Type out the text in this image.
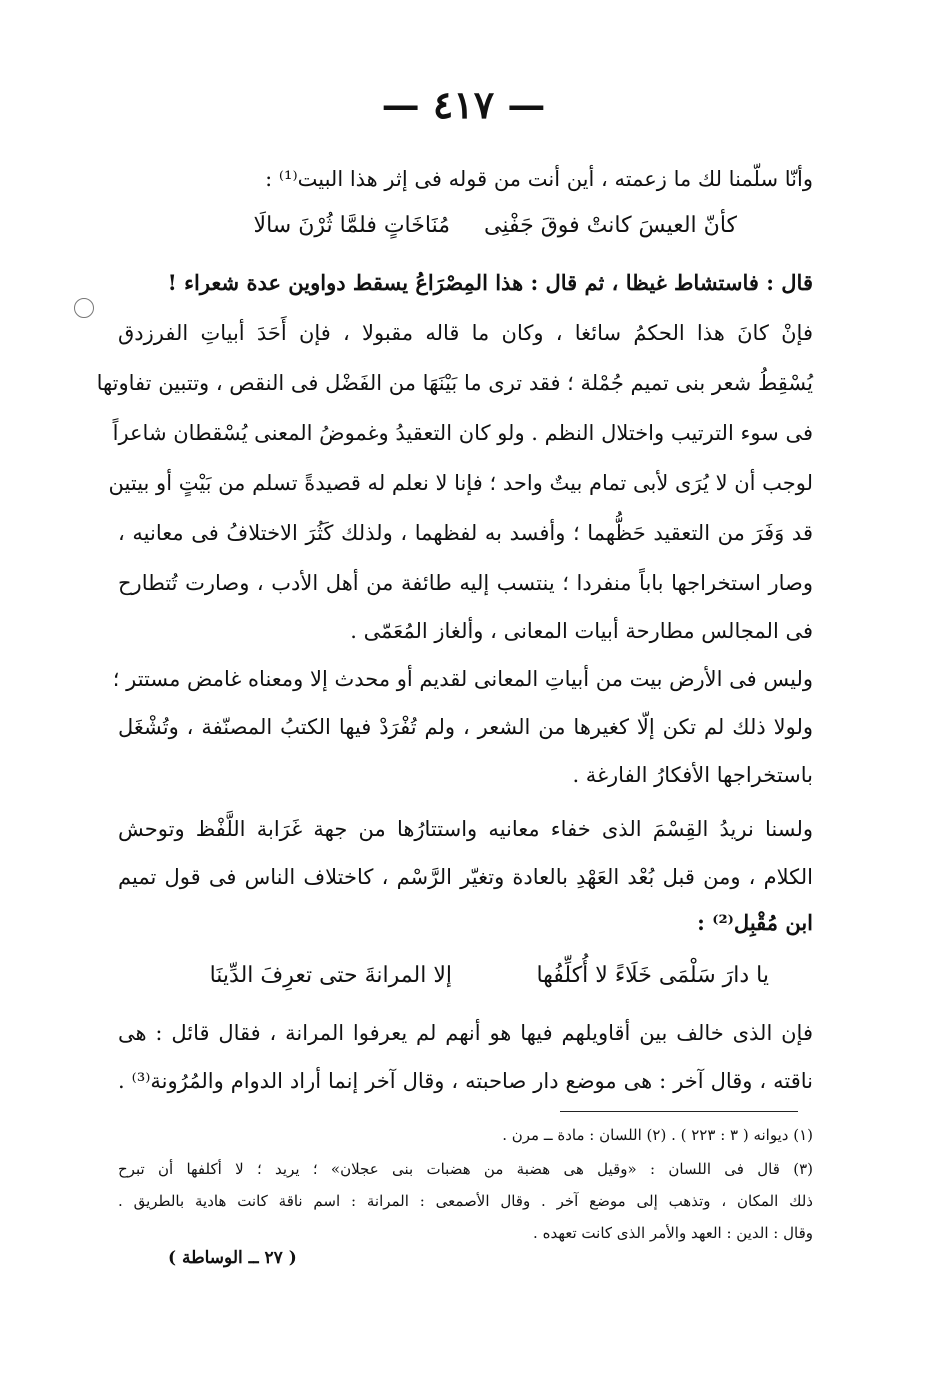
— ٤١٧ —
وأنّا سلّمنا لك ما زعمته ، أين أنت من قوله فى إثر هذا البيت⁽¹⁾ :
كأنّ العيسَ كانتْ فوقَ جَفْنِى
مُنَاخَاتٍ فلمَّا ثُرْنَ سالَا
قال : فاستشاط غيظا ، ثم قال : هذا المِصْرَاعُ يسقط دواوين عدة شعراء !
فإنْ كانَ هذا الحكمُ سائغا ، وكان ما قاله مقبولا ، فإن أَحَدَ أبياتِ الفرزدق
يُسْقِطُ شعر بنى تميم جُمْلة ؛ فقد ترى ما بَيْنَهَا من الفَضْل فى النقص ، وتتبين تفاوتها
فى سوء الترتيب واختلال النظم . ولو كان التعقيدُ وغموضُ المعنى يُسْقطان شاعراً
لوجب أن لا يُرَى لأبى تمام بيتٌ واحد ؛ فإنا لا نعلم له قصيدةً تسلم من بَيْتٍ أو بيتين
قد وَفَرَ من التعقيد حَظُّهما ؛ وأفسد به لفظهما ، ولذلك كَثُرَ الاختلافُ فى معانيه ،
وصار استخراجها باباً منفردا ؛ ينتسب إليه طائفة من أهل الأدب ، وصارت تُتطارح
فى المجالس مطارحة أبيات المعانى ، وألغاز المُعَمّى .
وليس فى الأرض بيت من أبياتِ المعانى لقديم أو محدث إلا ومعناه غامض مستتر ؛
ولولا ذلك لم تكن إلّا كغيرها من الشعر ، ولم تُفْرَدْ فيها الكتبُ المصنّفة ، وتُشْغَل
باستخراجها الأفكارُ الفارغة .
ولسنا نريدُ القِسْمَ الذى خفاء معانيه واستتارُها من جهة غَرَابة اللَّفْظ وتوحش
الكلام ، ومن قبل بُعْد العَهْدِ بالعادة وتغيّر الرَّسْم ، كاختلاف الناس فى قول تميم
ابن مُقْبِل⁽²⁾ :
يا دارَ سَلْمَى خَلَاءً لا أُكلِّفُها
إلا المرانةَ حتى تعرِفَ الدِّينَا
فإن الذى خالف بين أقاويلهم فيها هو أنهم لم يعرفوا المرانة ، فقال قائل : هى
ناقته ، وقال آخر : هى موضع دار صاحبته ، وقال آخر إنما أراد الدوام والمُرُونة⁽³⁾ .
(١) ديوانه ( ٣ : ٢٢٣ ) . (٢) اللسان : مادة ــ مرن .
(٣) قال فى اللسان : «وقيل هى هضبة من هضبات بنى عجلان» ؛ يريد ؛ لا أكلفها أن تبرح
ذلك المكان ، وتذهب إلى موضع آخر . وقال الأصمعى : المرانة : اسم ناقة كانت هادية بالطريق .
وقال : الدين : العهد والأمر الذى كانت تعهده .
( ٢٧ ــ الوساطة )
